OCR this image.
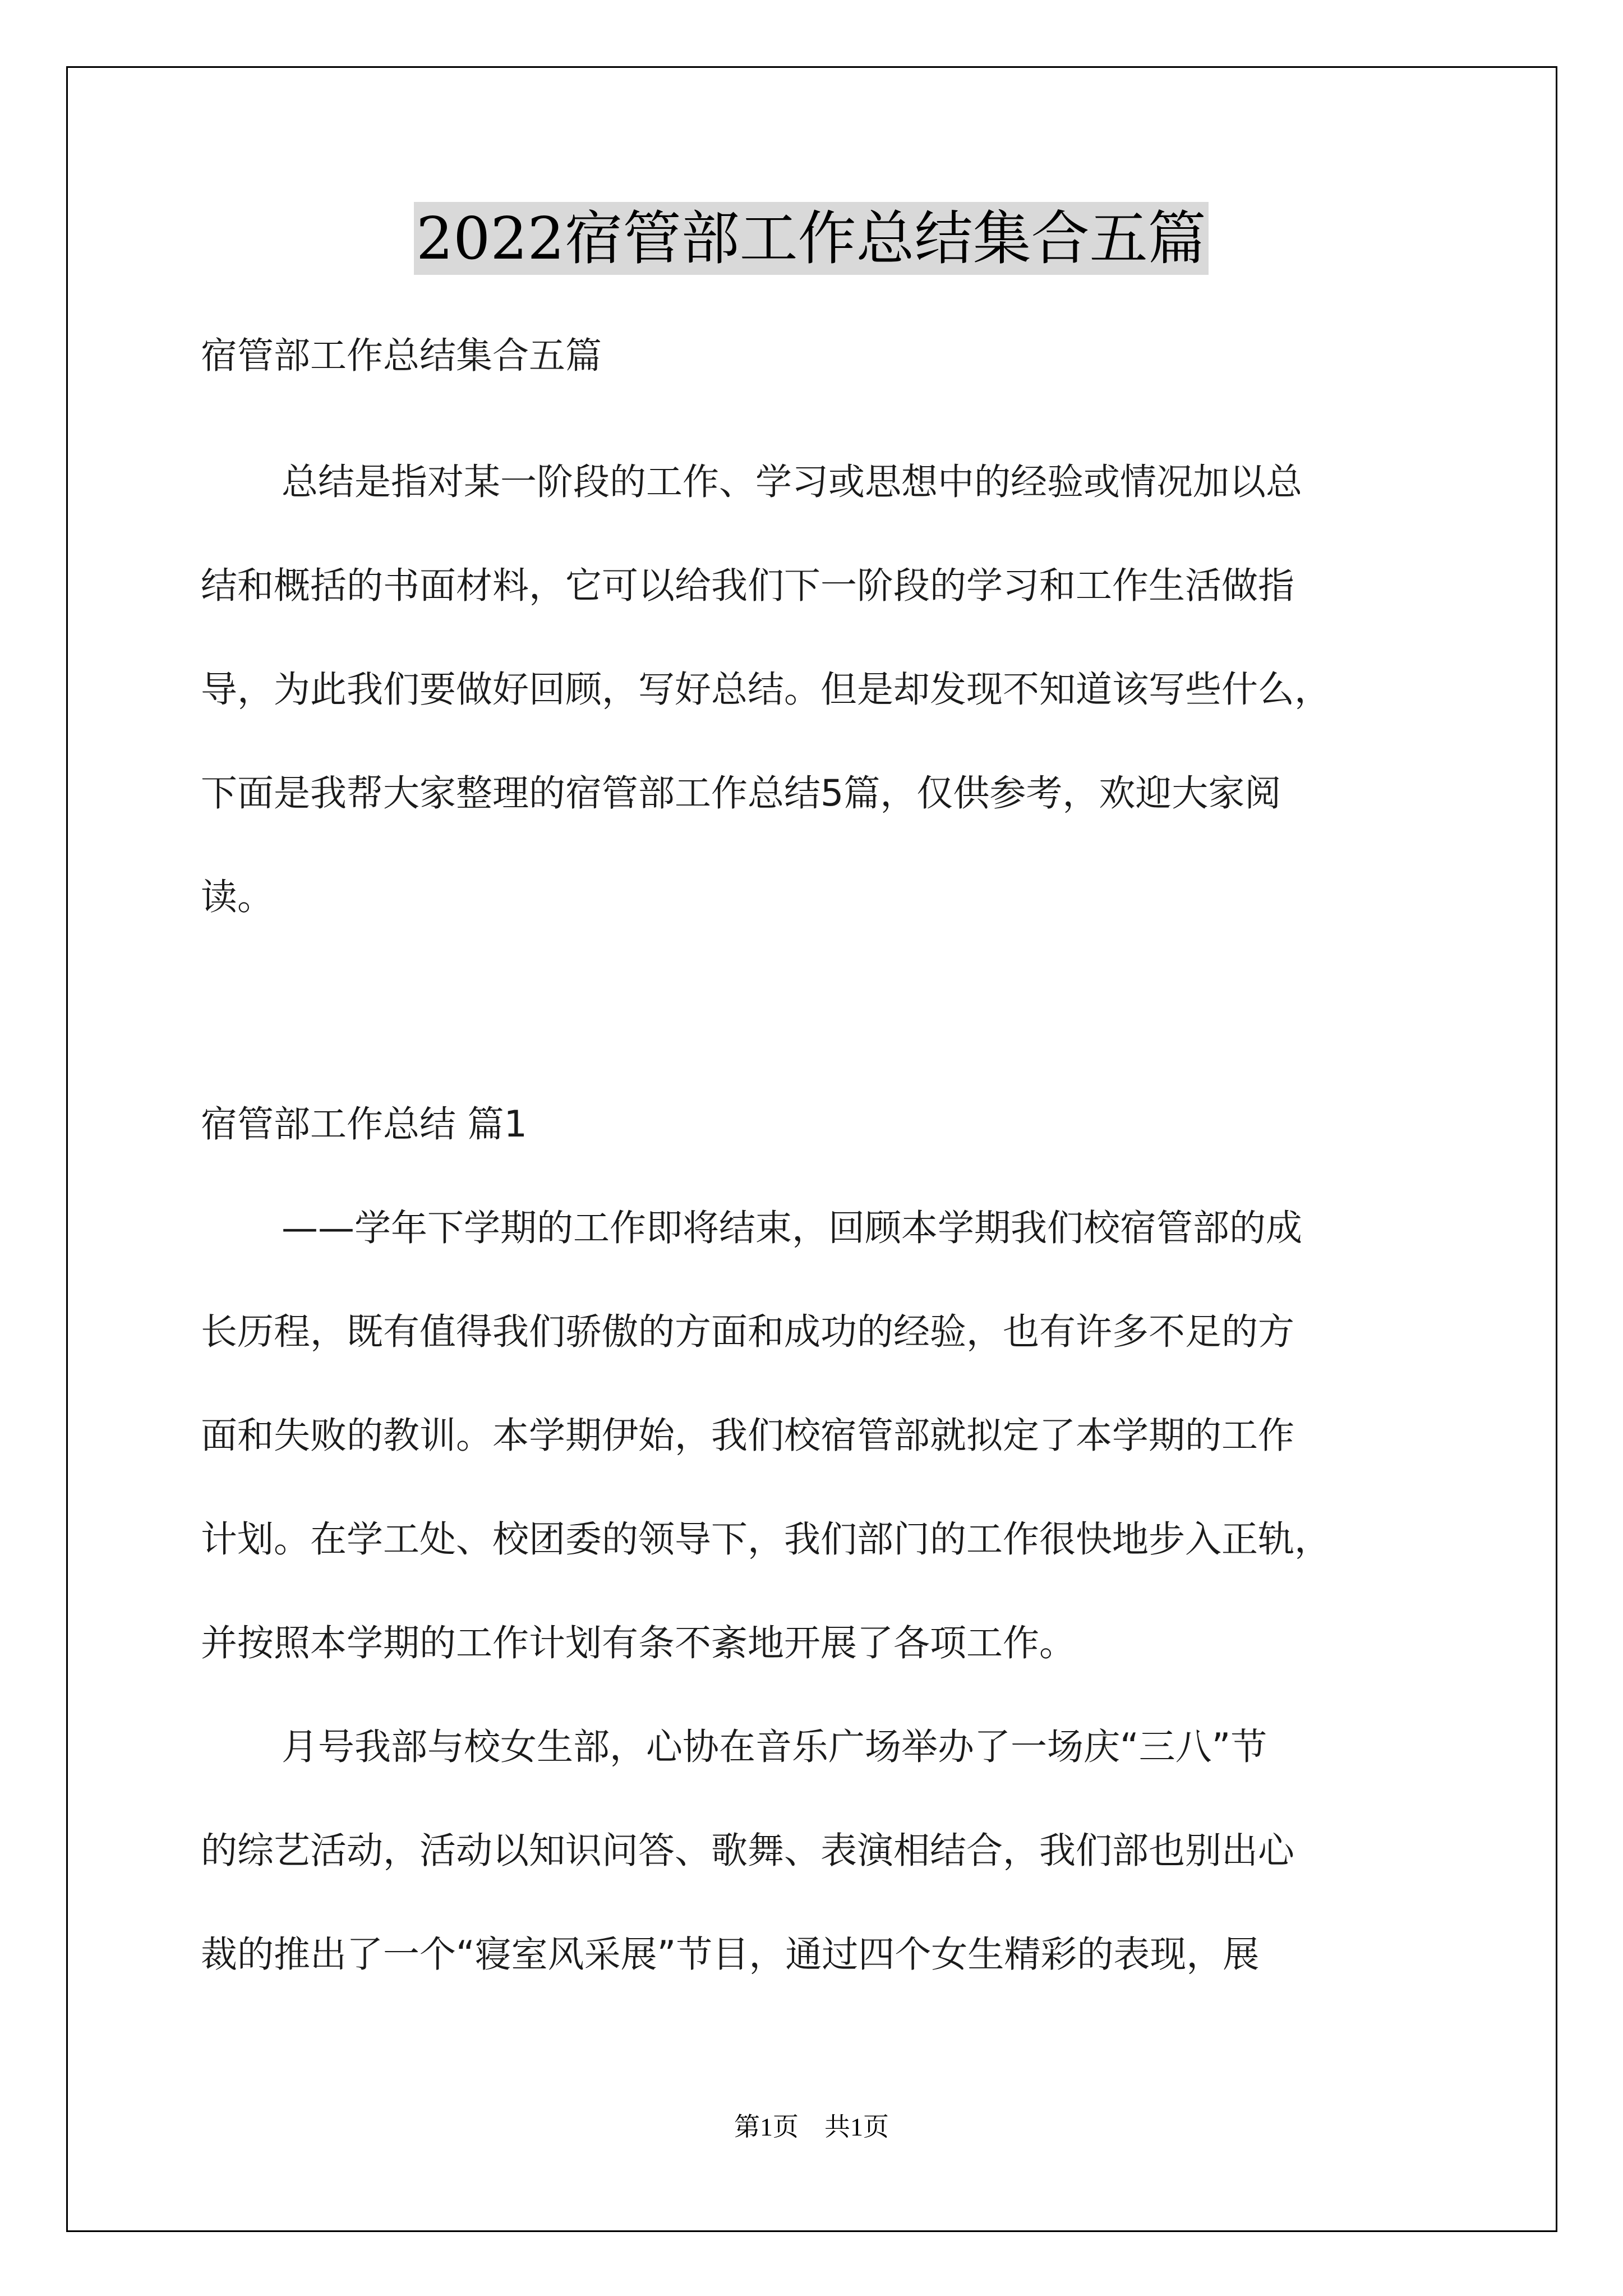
2022宿管部工作总结集合五篇

宿管部工作总结集合五篇

总结是指对某一阶段的工作、学习或思想中的经验或情况加以总

结和概括的书面材料，它可以给我们下一阶段的学习和工作生活做指

导，为此我们要做好回顾，写好总结。但是却发现不知道该写些什么，

下面是我帮大家整理的宿管部工作总结5篇，仅供参考，欢迎大家阅

读。

宿管部工作总结 篇1

——学年下学期的工作即将结束，回顾本学期我们校宿管部的成

长历程，既有值得我们骄傲的方面和成功的经验，也有许多不足的方

面和失败的教训。本学期伊始，我们校宿管部就拟定了本学期的工作

计划。在学工处、校团委的领导下，我们部门的工作很快地步入正轨，

并按照本学期的工作计划有条不紊地开展了各项工作。

月号我部与校女生部，心协在音乐广场举办了一场庆“三八”节

的综艺活动，活动以知识问答、歌舞、表演相结合，我们部也别出心

裁的推出了一个“寝室风采展”节目，通过四个女生精彩的表现，展

第1页    共1页
